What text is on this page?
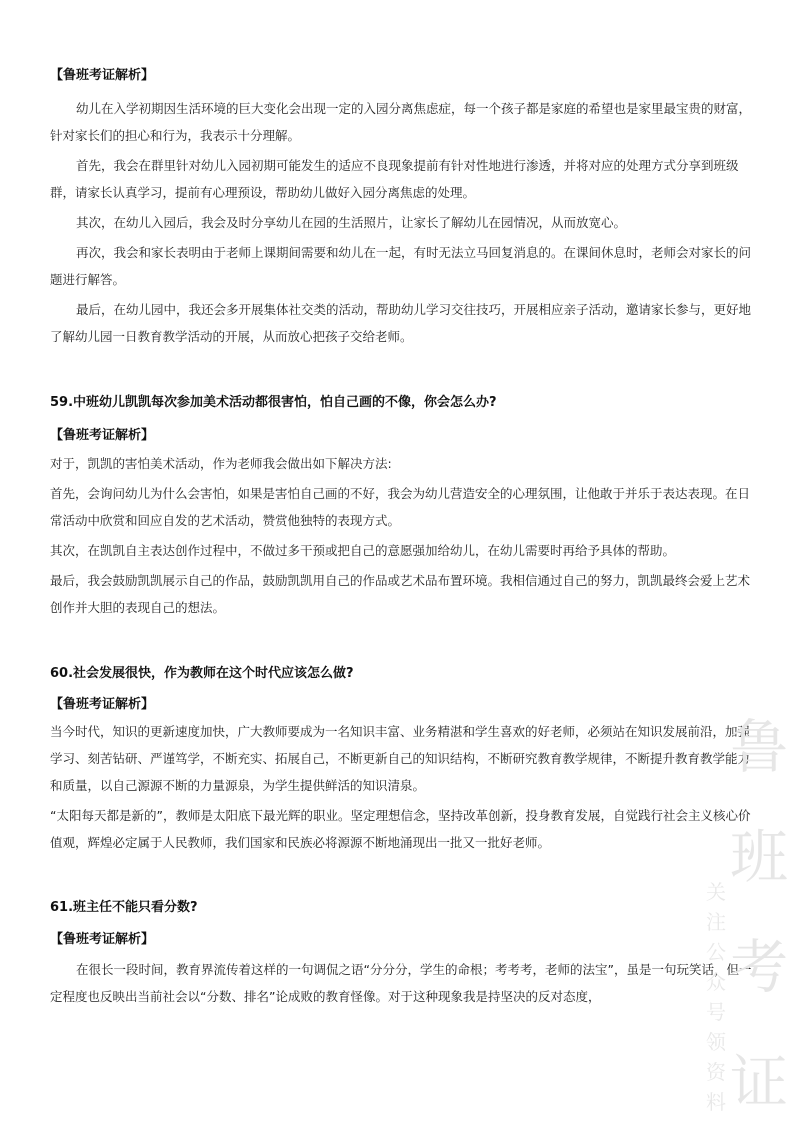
【鲁班考证解析】

幼儿在入学初期因生活环境的巨大变化会出现一定的入园分离焦虑症，每一个孩子都是家庭的希望也是家里最宝贵的财富，针对家长们的担心和行为，我表示十分理解。

首先，我会在群里针对幼儿入园初期可能发生的适应不良现象提前有针对性地进行渗透，并将对应的处理方式分享到班级群，请家长认真学习，提前有心理预设，帮助幼儿做好入园分离焦虑的处理。

其次，在幼儿入园后，我会及时分享幼儿在园的生活照片，让家长了解幼儿在园情况，从而放宽心。

再次，我会和家长表明由于老师上课期间需要和幼儿在一起，有时无法立马回复消息的。在课间休息时，老师会对家长的问题进行解答。

最后，在幼儿园中，我还会多开展集体社交类的活动，帮助幼儿学习交往技巧，开展相应亲子活动，邀请家长参与，更好地了解幼儿园一日教育教学活动的开展，从而放心把孩子交给老师。

59.中班幼儿凯凯每次参加美术活动都很害怕，怕自己画的不像，你会怎么办?
【鲁班考证解析】

对于，凯凯的害怕美术活动，作为老师我会做出如下解决方法:

首先，会询问幼儿为什么会害怕，如果是害怕自己画的不好，我会为幼儿营造安全的心理氛围，让他敢于并乐于表达表现。在日常活动中欣赏和回应自发的艺术活动，赞赏他独特的表现方式。

其次，在凯凯自主表达创作过程中，不做过多干预或把自己的意愿强加给幼儿，在幼儿需要时再给予具体的帮助。

最后，我会鼓励凯凯展示自己的作品，鼓励凯凯用自己的作品或艺术品布置环境。我相信通过自己的努力，凯凯最终会爱上艺术创作并大胆的表现自己的想法。

60.社会发展很快，作为教师在这个时代应该怎么做?
【鲁班考证解析】

当今时代，知识的更新速度加快，广大教师要成为一名知识丰富、业务精湛和学生喜欢的好老师，必须站在知识发展前沿，加强学习、刻苦钻研、严谨笃学，不断充实、拓展自己，不断更新自己的知识结构，不断研究教育教学规律，不断提升教育教学能力和质量，以自己源源不断的力量源泉，为学生提供鲜活的知识清泉。

“太阳每天都是新的”，教师是太阳底下最光辉的职业。坚定理想信念，坚持改革创新，投身教育发展，自觉践行社会主义核心价值观，辉煌必定属于人民教师，我们国家和民族必将源源不断地涌现出一批又一批好老师。

61.班主任不能只看分数?
【鲁班考证解析】

在很长一段时间，教育界流传着这样的一句调侃之语“分分分，学生的命根；考考考，老师的法宝”，虽是一句玩笑话，但一定程度也反映出当前社会以“分数、排名”论成败的教育怪像。对于这种现象我是持坚决的反对态度，

鲁
班
考
证
关
注
公
众
号
领
资
料
